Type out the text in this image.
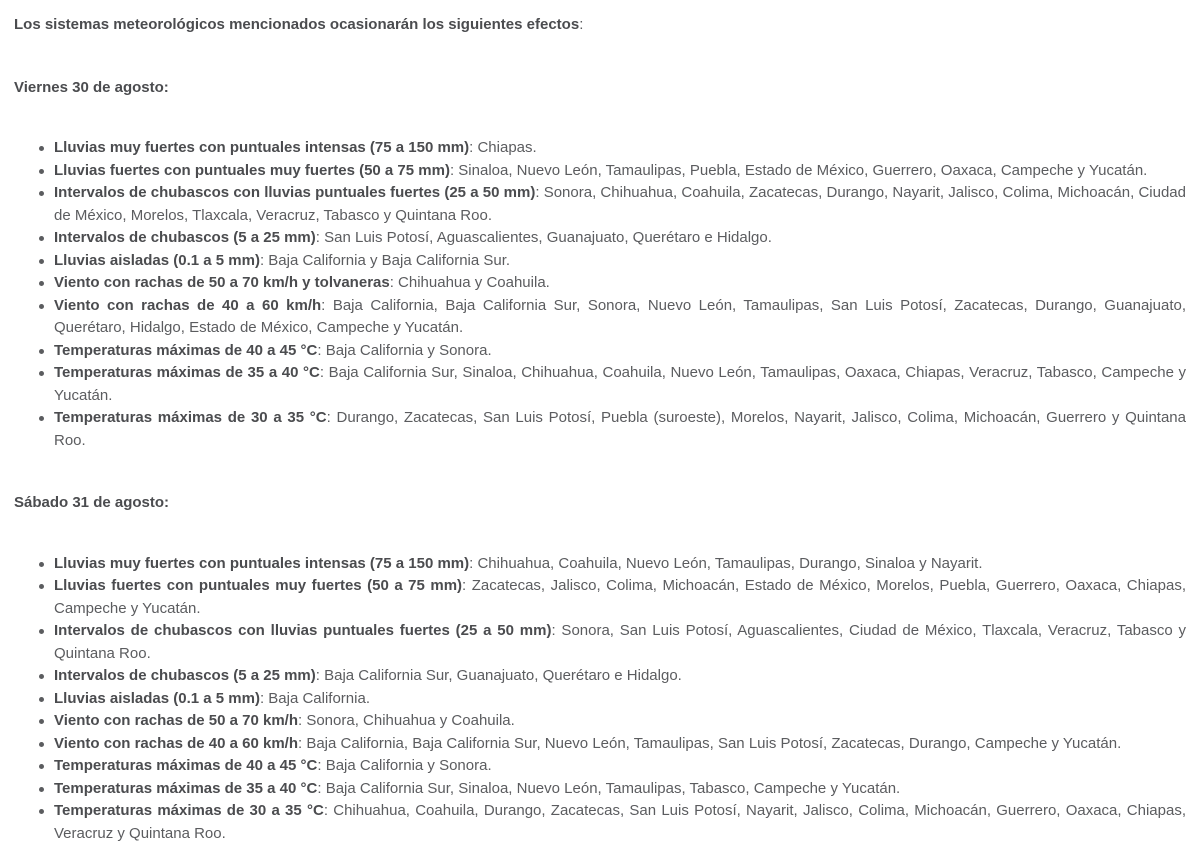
Los sistemas meteorológicos mencionados ocasionarán los siguientes efectos:

Viernes 30 de agosto:
Lluvias muy fuertes con puntuales intensas (75 a 150 mm): Chiapas.
Lluvias fuertes con puntuales muy fuertes (50 a 75 mm): Sinaloa, Nuevo León, Tamaulipas, Puebla, Estado de México, Guerrero, Oaxaca, Campeche y Yucatán.
Intervalos de chubascos con lluvias puntuales fuertes (25 a 50 mm): Sonora, Chihuahua, Coahuila, Zacatecas, Durango, Nayarit, Jalisco, Colima, Michoacán, Ciudad de México, Morelos, Tlaxcala, Veracruz, Tabasco y Quintana Roo.
Intervalos de chubascos (5 a 25 mm): San Luis Potosí, Aguascalientes, Guanajuato, Querétaro e Hidalgo.
Lluvias aisladas (0.1 a 5 mm): Baja California y Baja California Sur.
Viento con rachas de 50 a 70 km/h y tolvaneras: Chihuahua y Coahuila.
Viento con rachas de 40 a 60 km/h: Baja California, Baja California Sur, Sonora, Nuevo León, Tamaulipas, San Luis Potosí, Zacatecas, Durango, Guanajuato, Querétaro, Hidalgo, Estado de México, Campeche y Yucatán.
Temperaturas máximas de 40 a 45 °C: Baja California y Sonora.
Temperaturas máximas de 35 a 40 °C: Baja California Sur, Sinaloa, Chihuahua, Coahuila, Nuevo León, Tamaulipas, Oaxaca, Chiapas, Veracruz, Tabasco, Campeche y Yucatán.
Temperaturas máximas de 30 a 35 °C: Durango, Zacatecas, San Luis Potosí, Puebla (suroeste), Morelos, Nayarit, Jalisco, Colima, Michoacán, Guerrero y Quintana Roo.
Sábado 31 de agosto:
Lluvias muy fuertes con puntuales intensas (75 a 150 mm): Chihuahua, Coahuila, Nuevo León, Tamaulipas, Durango, Sinaloa y Nayarit.
Lluvias fuertes con puntuales muy fuertes (50 a 75 mm): Zacatecas, Jalisco, Colima, Michoacán, Estado de México, Morelos, Puebla, Guerrero, Oaxaca, Chiapas, Campeche y Yucatán.
Intervalos de chubascos con lluvias puntuales fuertes (25 a 50 mm): Sonora, San Luis Potosí, Aguascalientes, Ciudad de México, Tlaxcala, Veracruz, Tabasco y Quintana Roo.
Intervalos de chubascos (5 a 25 mm): Baja California Sur, Guanajuato, Querétaro e Hidalgo.
Lluvias aisladas (0.1 a 5 mm): Baja California.
Viento con rachas de 50 a 70 km/h: Sonora, Chihuahua y Coahuila.
Viento con rachas de 40 a 60 km/h: Baja California, Baja California Sur, Nuevo León, Tamaulipas, San Luis Potosí, Zacatecas, Durango, Campeche y Yucatán.
Temperaturas máximas de 40 a 45 °C: Baja California y Sonora.
Temperaturas máximas de 35 a 40 °C: Baja California Sur, Sinaloa, Nuevo León, Tamaulipas, Tabasco, Campeche y Yucatán.
Temperaturas máximas de 30 a 35 °C: Chihuahua, Coahuila, Durango, Zacatecas, San Luis Potosí, Nayarit, Jalisco, Colima, Michoacán, Guerrero, Oaxaca, Chiapas, Veracruz y Quintana Roo.
